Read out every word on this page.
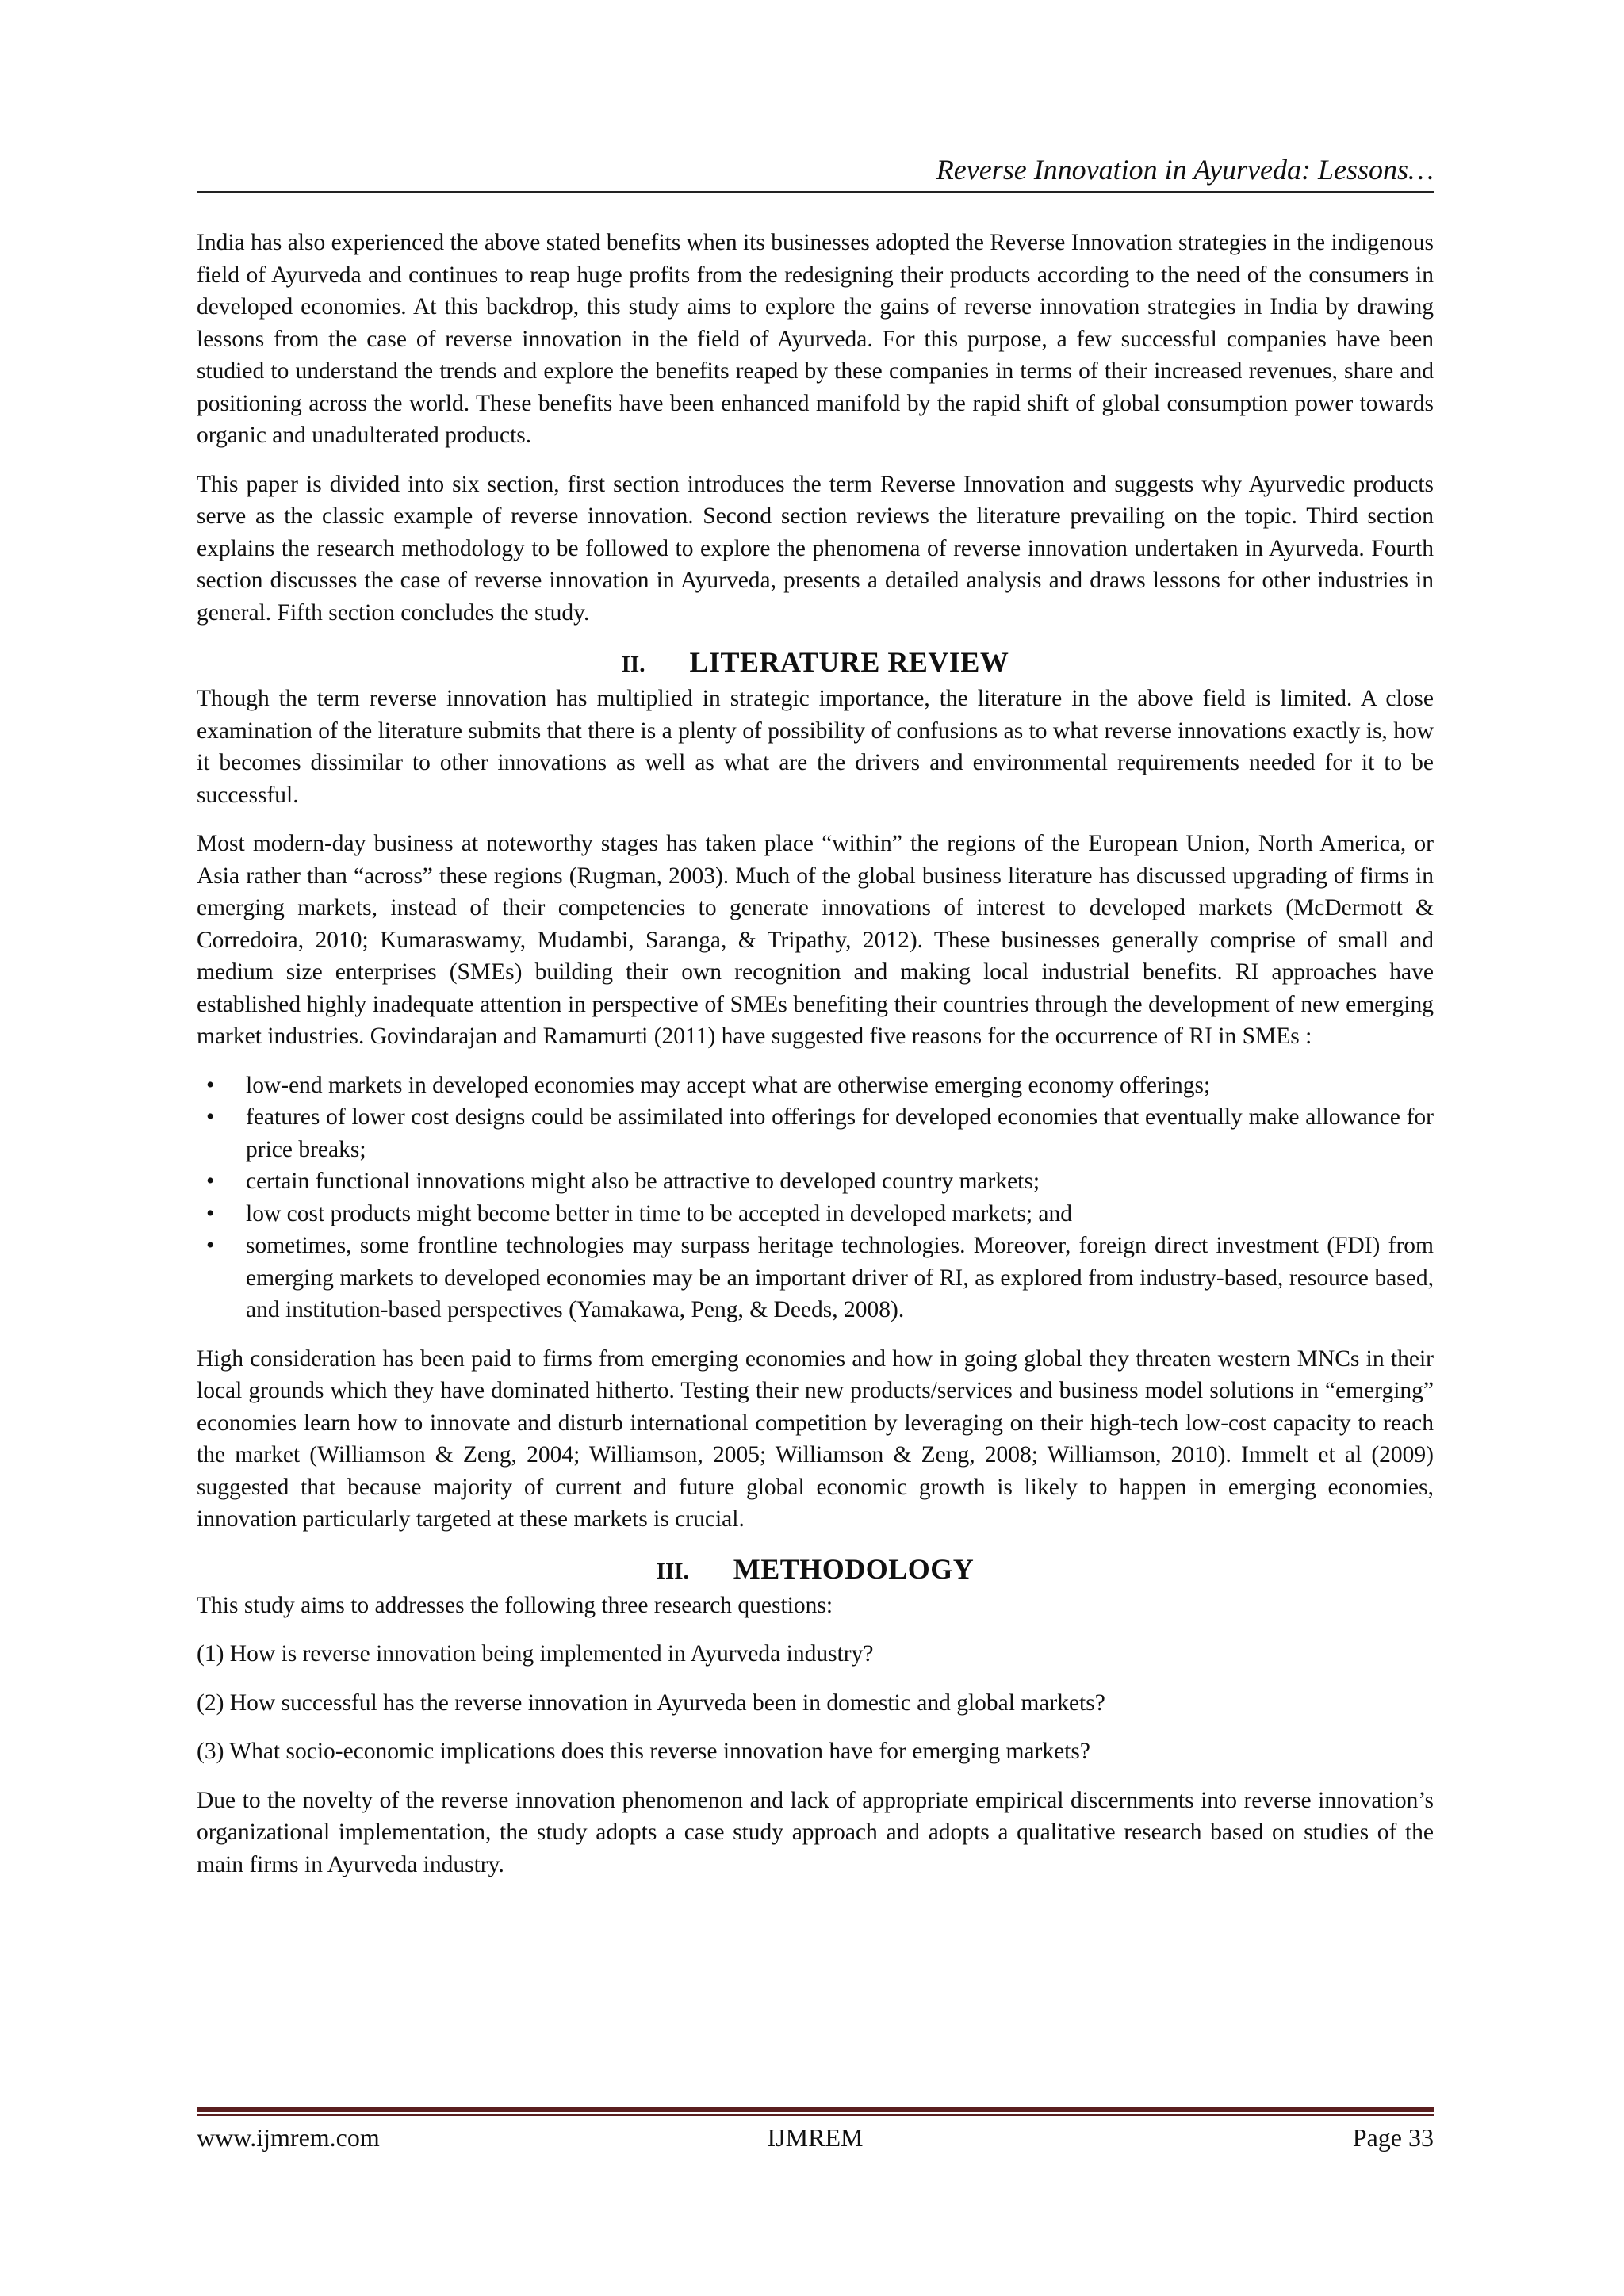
Reverse Innovation in Ayurveda: Lessons…

India has also experienced the above stated benefits when its businesses adopted the Reverse Innovation strategies in the indigenous field of Ayurveda and continues to reap huge profits from the redesigning their products according to the need of the consumers in developed economies. At this backdrop, this study aims to explore the gains of reverse innovation strategies in India by drawing lessons from the case of reverse innovation in the field of Ayurveda. For this purpose, a few successful companies have been studied to understand the trends and explore the benefits reaped by these companies in terms of their increased revenues, share and positioning across the world. These benefits have been enhanced manifold by the rapid shift of global consumption power towards organic and unadulterated products.

This paper is divided into six section, first section introduces the term Reverse Innovation and suggests why Ayurvedic products serve as the classic example of reverse innovation. Second section reviews the literature prevailing on the topic. Third section explains the research methodology to be followed to explore the phenomena of reverse innovation undertaken in Ayurveda. Fourth section discusses the case of reverse innovation in Ayurveda, presents a detailed analysis and draws lessons for other industries in general. Fifth section concludes the study.

II. LITERATURE REVIEW

Though the term reverse innovation has multiplied in strategic importance, the literature in the above field is limited. A close examination of the literature submits that there is a plenty of possibility of confusions as to what reverse innovations exactly is, how it becomes dissimilar to other innovations as well as what are the drivers and environmental requirements needed for it to be successful.

Most modern-day business at noteworthy stages has taken place “within” the regions of the European Union, North America, or Asia rather than “across” these regions (Rugman, 2003). Much of the global business literature has discussed upgrading of firms in emerging markets, instead of their competencies to generate innovations of interest to developed markets (McDermott & Corredoira, 2010; Kumaraswamy, Mudambi, Saranga, & Tripathy, 2012). These businesses generally comprise of small and medium size enterprises (SMEs) building their own recognition and making local industrial benefits. RI approaches have established highly inadequate attention in perspective of SMEs benefiting their countries through the development of new emerging market industries. Govindarajan and Ramamurti (2011) have suggested five reasons for the occurrence of RI in SMEs :

• low-end markets in developed economies may accept what are otherwise emerging economy offerings;
• features of lower cost designs could be assimilated into offerings for developed economies that eventually make allowance for price breaks;
• certain functional innovations might also be attractive to developed country markets;
• low cost products might become better in time to be accepted in developed markets; and
• sometimes, some frontline technologies may surpass heritage technologies. Moreover, foreign direct investment (FDI) from emerging markets to developed economies may be an important driver of RI, as explored from industry-based, resource based, and institution-based perspectives (Yamakawa, Peng, & Deeds, 2008).

High consideration has been paid to firms from emerging economies and how in going global they threaten western MNCs in their local grounds which they have dominated hitherto. Testing their new products/services and business model solutions in “emerging” economies learn how to innovate and disturb international competition by leveraging on their high-tech low-cost capacity to reach the market (Williamson & Zeng, 2004; Williamson, 2005; Williamson & Zeng, 2008; Williamson, 2010). Immelt et al (2009) suggested that because majority of current and future global economic growth is likely to happen in emerging economies, innovation particularly targeted at these markets is crucial.

III. METHODOLOGY

This study aims to addresses the following three research questions:

(1) How is reverse innovation being implemented in Ayurveda industry?

(2) How successful has the reverse innovation in Ayurveda been in domestic and global markets?

(3) What socio-economic implications does this reverse innovation have for emerging markets?

Due to the novelty of the reverse innovation phenomenon and lack of appropriate empirical discernments into reverse innovation’s organizational implementation, the study adopts a case study approach and adopts a qualitative research based on studies of the main firms in Ayurveda industry.

www.ijmrem.com	IJMREM	Page 33
